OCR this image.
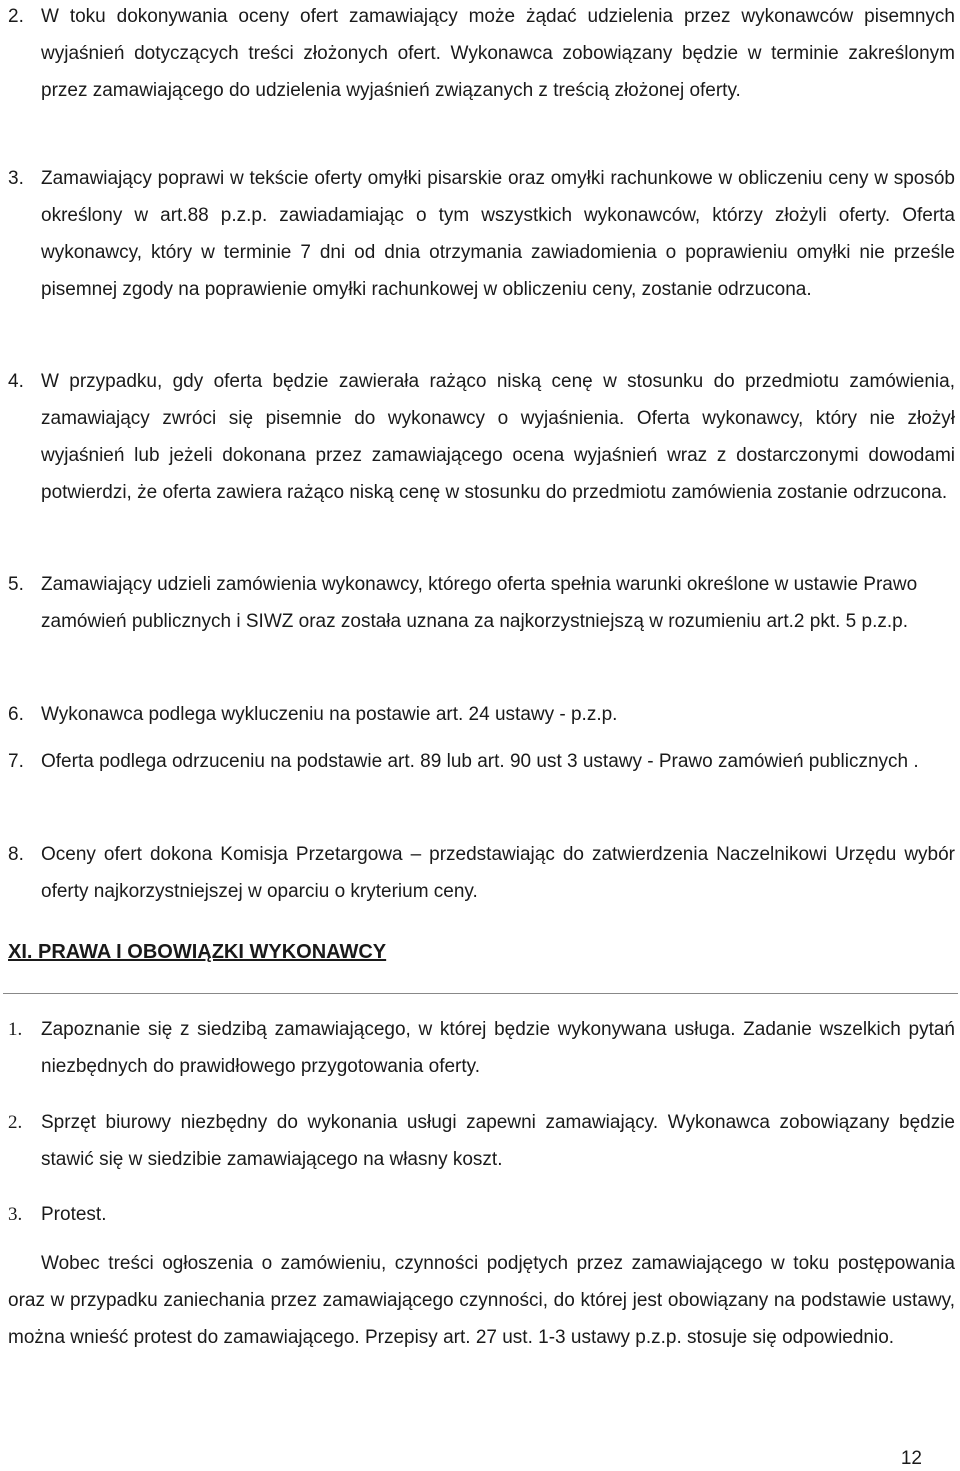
2. W toku dokonywania oceny ofert zamawiający może żądać udzielenia przez wykonawców pisemnych wyjaśnień dotyczących treści złożonych ofert. Wykonawca zobowiązany będzie w terminie zakreślonym przez zamawiającego do udzielenia wyjaśnień związanych z treścią złożonej oferty.
3. Zamawiający poprawi w tekście oferty omyłki pisarskie oraz omyłki rachunkowe w obliczeniu ceny w sposób określony w art.88 p.z.p. zawiadamiając o tym wszystkich wykonawców, którzy złożyli oferty. Oferta wykonawcy, który w terminie 7 dni od dnia otrzymania zawiadomienia o poprawieniu omyłki nie prześle pisemnej zgody na poprawienie omyłki rachunkowej w obliczeniu ceny, zostanie odrzucona.
4. W przypadku, gdy oferta będzie zawierała rażąco niską cenę w stosunku do przedmiotu zamówienia, zamawiający zwróci się pisemnie do wykonawcy o wyjaśnienia. Oferta wykonawcy, który nie złożył wyjaśnień lub jeżeli dokonana przez zamawiającego ocena wyjaśnień wraz z dostarczonymi dowodami potwierdzi, że oferta zawiera rażąco niską cenę w stosunku do przedmiotu zamówienia zostanie odrzucona.
5. Zamawiający udzieli zamówienia wykonawcy, którego oferta spełnia warunki określone w ustawie Prawo zamówień publicznych i SIWZ oraz została uznana za najkorzystniejszą w rozumieniu art.2 pkt. 5 p.z.p.
6. Wykonawca podlega wykluczeniu na postawie art. 24 ustawy - p.z.p.
7. Oferta podlega odrzuceniu na podstawie art. 89 lub art. 90 ust 3 ustawy - Prawo zamówień publicznych .
8. Oceny ofert dokona Komisja Przetargowa – przedstawiając do zatwierdzenia Naczelnikowi Urzędu wybór oferty najkorzystniejszej w oparciu o kryterium ceny.
XI. PRAWA I OBOWIĄZKI WYKONAWCY
1. Zapoznanie się z siedzibą zamawiającego, w której będzie wykonywana usługa. Zadanie wszelkich pytań niezbędnych do prawidłowego przygotowania oferty.
2. Sprzęt biurowy niezbędny do wykonania usługi zapewni zamawiający. Wykonawca zobowiązany będzie stawić się w siedzibie zamawiającego na własny koszt.
3. Protest.
Wobec treści ogłoszenia o zamówieniu, czynności podjętych przez zamawiającego w toku postępowania oraz w przypadku zaniechania przez zamawiającego czynności, do której jest obowiązany na podstawie ustawy, można wnieść protest do zamawiającego. Przepisy art. 27 ust. 1-3 ustawy p.z.p. stosuje się odpowiednio.
12
